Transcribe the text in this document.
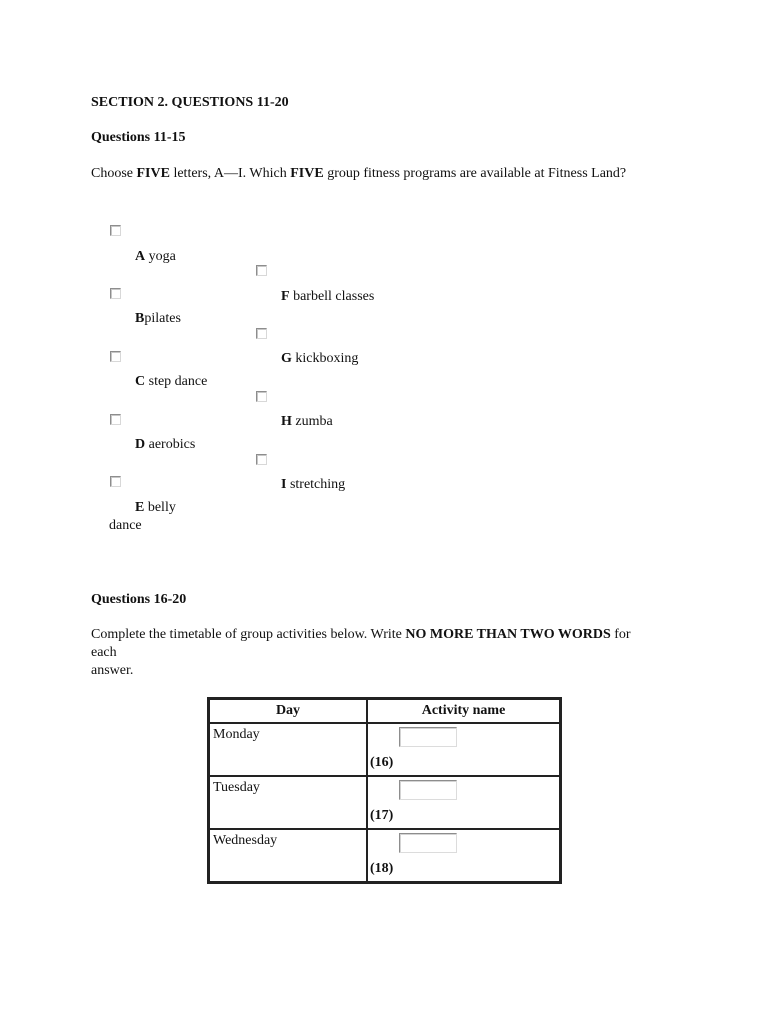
SECTION 2. QUESTIONS 11-20
Questions 11-15
Choose FIVE letters, A—I. Which FIVE group fitness programs are available at Fitness Land?
A yoga
Bpilates
C step dance
D aerobics
E belly
dance
F barbell classes
G kickboxing
H zumba
I stretching
Questions 16-20
Complete the timetable of group activities below. Write NO MORE THAN TWO WORDS for
each
answer.
Day	Activity name
Monday	(16)

Tuesday	(17)

Wednesday	(18)
